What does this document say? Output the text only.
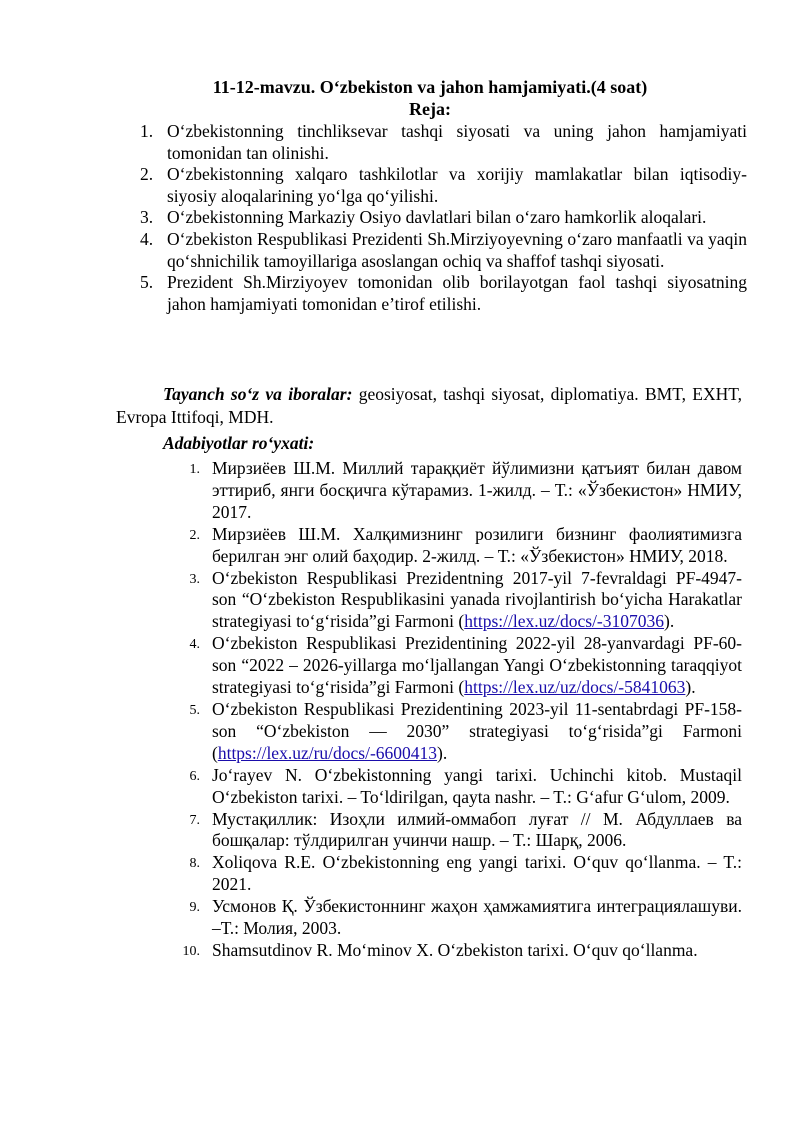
11-12-mavzu. O‘zbekiston va jahon hamjamiyati.(4 soat)
Reja:
1. O‘zbekistonning tinchliksevar tashqi siyosati va uning jahon hamjamiyati tomonidan tan olinishi.
2. O‘zbekistonning xalqaro tashkilotlar va xorijiy mamlakatlar bilan iqtisodiy-siyosiy aloqalarining yo‘lga qo‘yilishi.
3. O‘zbekistonning Markaziy Osiyo davlatlari bilan o‘zaro hamkorlik aloqalari.
4. O‘zbekiston Respublikasi Prezidenti Sh.Mirziyoyevning o‘zaro manfaatli va yaqin qo‘shnichilik tamoyillariga asoslangan ochiq va shaffof tashqi siyosati.
5. Prezident Sh.Mirziyoyev tomonidan olib borilayotgan faol tashqi siyosatning jahon hamjamiyati tomonidan e’tirof etilishi.
Tayanch so‘z va iboralar: geosiyosat, tashqi siyosat, diplomatiya. BMT, EXHT, Evropa Ittifoqi, MDH.
Adabiyotlar ro‘yxati:
1. Мирзиёев Ш.М. Миллий тараққиёт йўлимизни қатъият билан давом эттириб, янги босқичга кўтарамиз. 1-жилд. – Т.: «Ўзбекистон» НМИУ, 2017.
2. Мирзиёев Ш.М. Халқимизнинг розилиги бизнинг фаолиятимизга берилган энг олий баҳодир. 2-жилд. – Т.: «Ўзбекистон» НМИУ, 2018.
3. O‘zbekiston Respublikasi Prezidentning 2017-yil 7-fevraldagi PF-4947-son “O‘zbekiston Respublikasini yanada rivojlantirish bo‘yicha Harakatlar strategiyasi to‘g‘risida”gi Farmoni (https://lex.uz/docs/-3107036).
4. O‘zbekiston Respublikasi Prezidentining 2022-yil 28-yanvardagi PF-60-son “2022 – 2026-yillarga mo‘ljallangan Yangi O‘zbekistonning taraqqiyot strategiyasi to‘g‘risida”gi Farmoni (https://lex.uz/uz/docs/-5841063).
5. O‘zbekiston Respublikasi Prezidentining 2023-yil 11-sentabrdagi PF-158-son “O‘zbekiston — 2030” strategiyasi to‘g‘risida”gi Farmoni (https://lex.uz/ru/docs/-6600413).
6. Jo‘rayev N. O‘zbekistonning yangi tarixi. Uchinchi kitob. Mustaqil O‘zbekiston tarixi. – To‘ldirilgan, qayta nashr. – T.: G‘afur G‘ulom, 2009.
7. Мустақиллик: Изоҳли илмий-оммабоп луғат // М. Абдуллаев ва бошқалар: тўлдирилган учинчи нашр. – Т.: Шарқ, 2006.
8. Xoliqova R.E. O‘zbekistonning eng yangi tarixi. O‘quv qo‘llanma. – T.: 2021.
9. Усмонов Қ. Ўзбекистоннинг жаҳон ҳамжамиятига интеграциялашуви. –Т.: Молия, 2003.
10. Shamsutdinov R. Mo‘minov X. O‘zbekiston tarixi. O‘quv qo‘llanma.
